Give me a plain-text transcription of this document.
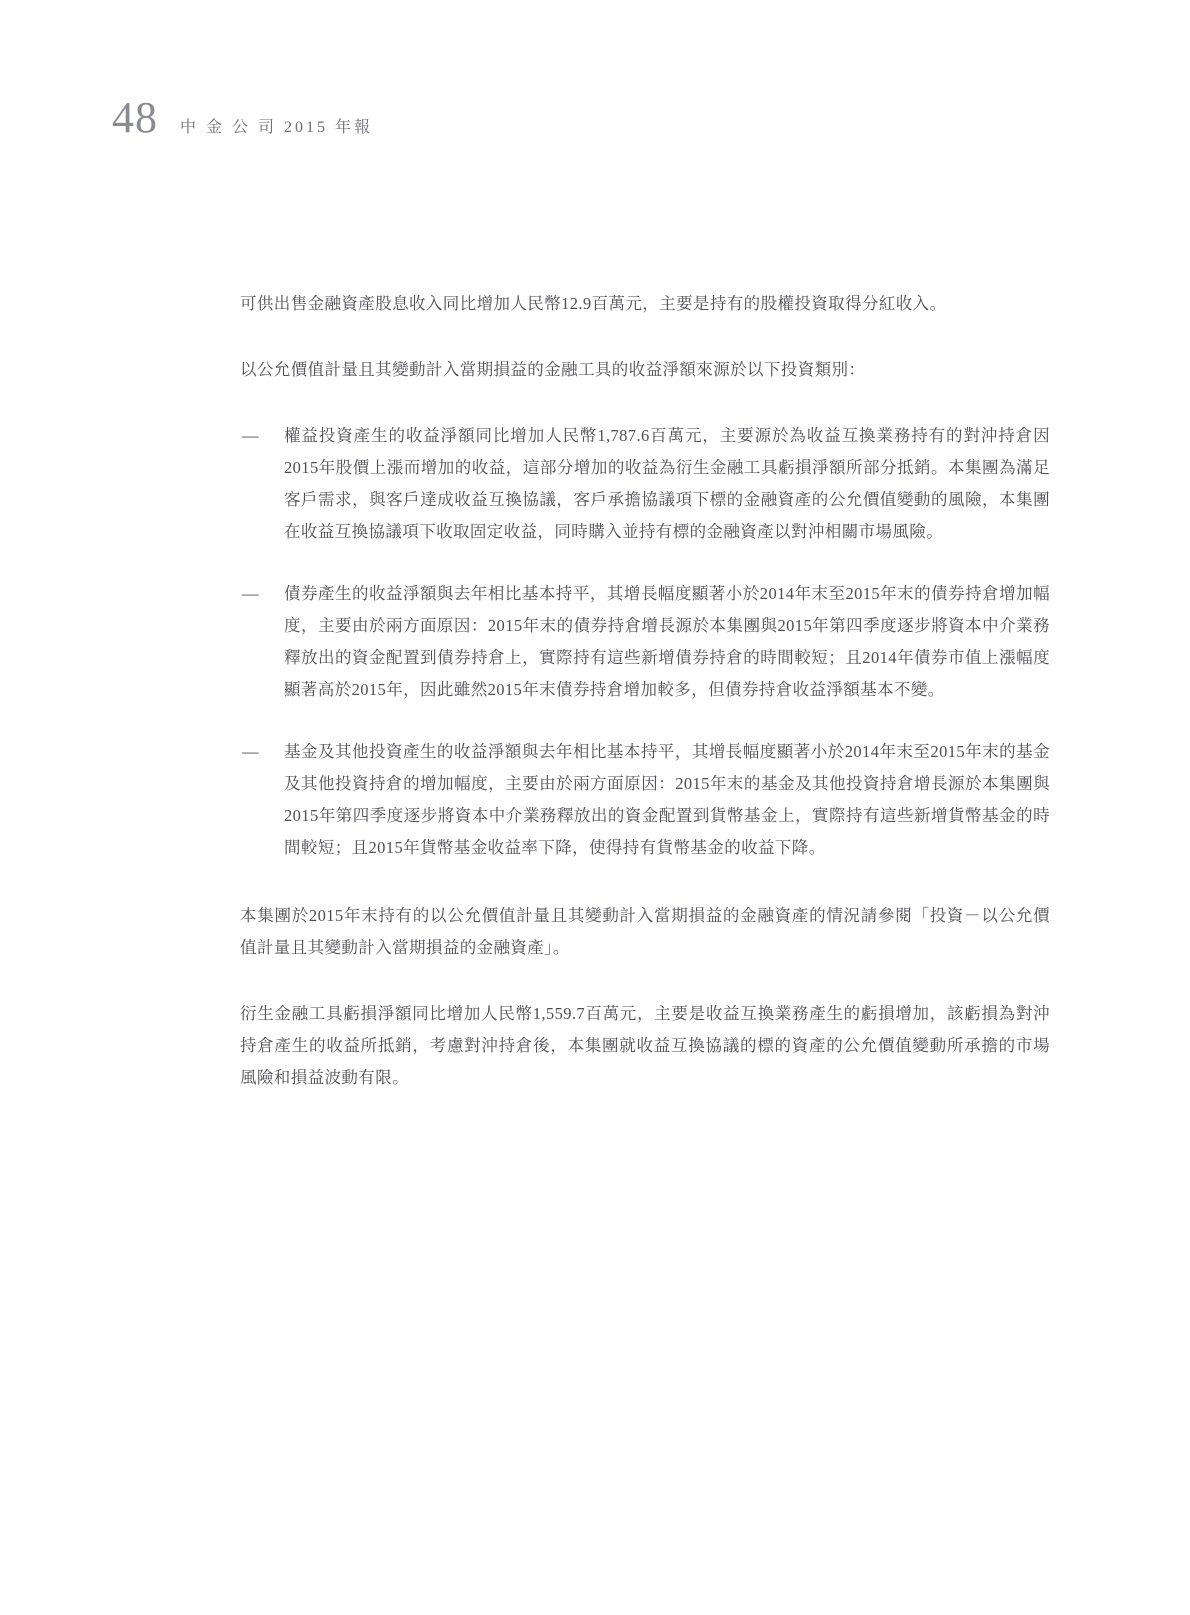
48 中 金 公 司 2015 年報

可供出售金融資產股息收入同比增加人民幣12.9百萬元，主要是持有的股權投資取得分紅收入。

以公允價值計量且其變動計入當期損益的金融工具的收益淨額來源於以下投資類別：

— 權益投資產生的收益淨額同比增加人民幣1,787.6百萬元，主要源於為收益互換業務持有的對沖持倉因2015年股價上漲而增加的收益，這部分增加的收益為衍生金融工具虧損淨額所部分抵銷。本集團為滿足客戶需求，與客戶達成收益互換協議，客戶承擔協議項下標的金融資產的公允價值變動的風險，本集團在收益互換協議項下收取固定收益，同時購入並持有標的金融資產以對沖相關市場風險。
— 債券產生的收益淨額與去年相比基本持平，其增長幅度顯著小於2014年末至2015年末的債券持倉增加幅度，主要由於兩方面原因：2015年末的債券持倉增長源於本集團與2015年第四季度逐步將資本中介業務釋放出的資金配置到債券持倉上，實際持有這些新增債券持倉的時間較短；且2014年債券市值上漲幅度顯著高於2015年，因此雖然2015年末債券持倉增加較多，但債券持倉收益淨額基本不變。
— 基金及其他投資產生的收益淨額與去年相比基本持平，其增長幅度顯著小於2014年末至2015年末的基金及其他投資持倉的增加幅度，主要由於兩方面原因：2015年末的基金及其他投資持倉增長源於本集團與2015年第四季度逐步將資本中介業務釋放出的資金配置到貨幣基金上，實際持有這些新增貨幣基金的時間較短；且2015年貨幣基金收益率下降，使得持有貨幣基金的收益下降。

本集團於2015年末持有的以公允價值計量且其變動計入當期損益的金融資產的情況請參閱「投資－以公允價值計量且其變動計入當期損益的金融資產」。

衍生金融工具虧損淨額同比增加人民幣1,559.7百萬元，主要是收益互換業務產生的虧損增加，該虧損為對沖持倉產生的收益所抵銷，考慮對沖持倉後，本集團就收益互換協議的標的資產的公允價值變動所承擔的市場風險和損益波動有限。
